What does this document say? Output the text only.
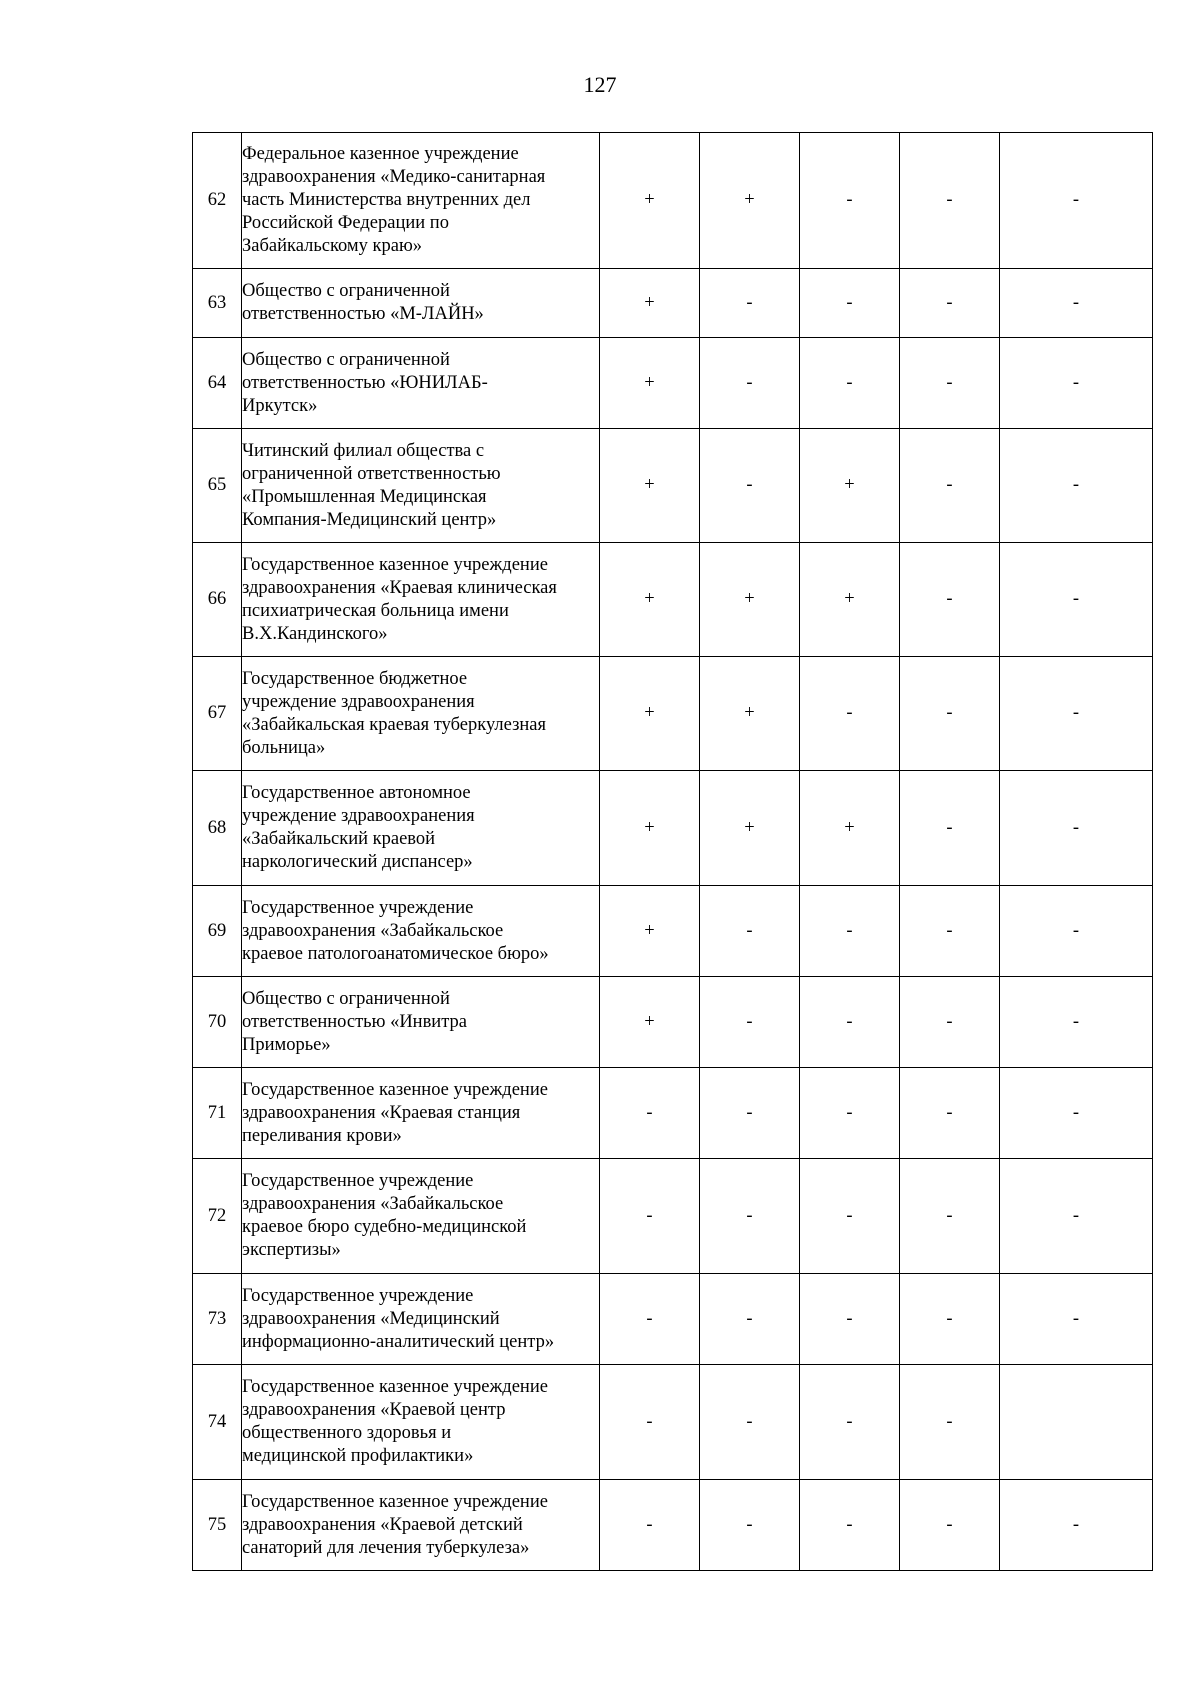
127
62	Федеральное казенное учреждение
здравоохранения «Медико-санитарная
часть Министерства внутренних дел
Российской Федерации по
Забайкальскому краю»	+	+	-	-	-
63	Общество с ограниченной
ответственностью «М-ЛАЙН»	+	-	-	-	-
64	Общество с ограниченной
ответственностью «ЮНИЛАБ-
Иркутск»	+	-	-	-	-
65	Читинский филиал общества с
ограниченной ответственностью
«Промышленная Медицинская
Компания-Медицинский центр»	+	-	+	-	-
66	Государственное казенное учреждение
здравоохранения «Краевая клиническая
психиатрическая больница имени
В.Х.Кандинского»	+	+	+	-	-
67	Государственное бюджетное
учреждение здравоохранения
«Забайкальская краевая туберкулезная
больница»	+	+	-	-	-
68	Государственное автономное
учреждение здравоохранения
«Забайкальский краевой
наркологический диспансер»	+	+	+	-	-
69	Государственное учреждение
здравоохранения «Забайкальское
краевое патологоанатомическое бюро»	+	-	-	-	-
70	Общество с ограниченной
ответственностью «Инвитра
Приморье»	+	-	-	-	-
71	Государственное казенное учреждение
здравоохранения «Краевая станция
переливания крови»	-	-	-	-	-
72	Государственное учреждение
здравоохранения «Забайкальское
краевое бюро судебно-медицинской
экспертизы»	-	-	-	-	-
73	Государственное учреждение
здравоохранения «Медицинский
информационно-аналитический центр»	-	-	-	-	-
74	Государственное казенное учреждение
здравоохранения «Краевой центр
общественного здоровья и
медицинской профилактики»	-	-	-	-	
75	Государственное казенное учреждение
здравоохранения «Краевой детский
санаторий для лечения туберкулеза»	-	-	-	-	-
